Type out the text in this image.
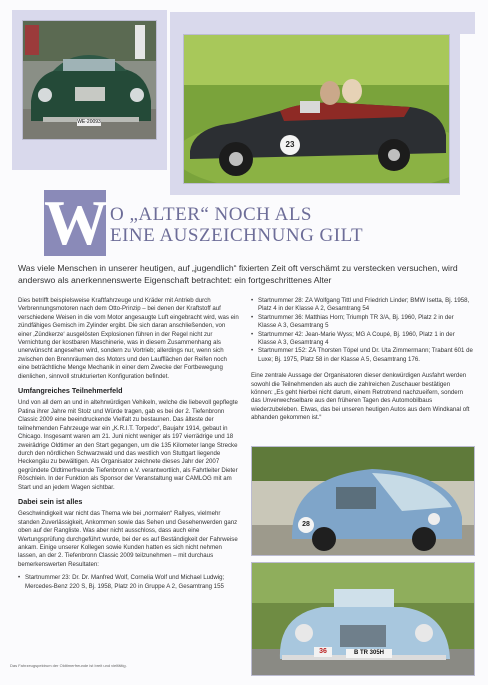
WE·20093
23
W O „ALTER“ NOCH ALS
EINE AUSZEICHNUNG GILT
Was viele Menschen in unserer heutigen, auf „jugendlich“ fixierten Zeit oft verschämt zu verstecken versuchen, wird anderswo als anerkennenswerte Eigenschaft betrachtet: ein fortgeschrittenes Alter

Dies betrifft beispielsweise Kraftfahrzeuge und Kräder mit Antrieb durch Verbrennungsmotoren nach dem Otto-Prinzip – bei denen der Kraftstoff auf verschiedene Weisen in die vom Motor angesaugte Luft eingebracht wird, was ein zündfähiges Gemisch im Zylinder ergibt. Die sich daran anschließenden, von einer ‚Zündkerze‘ ausgelösten Explosionen führen in der Regel nicht zur Vernichtung der kostbaren Maschinerie, was in diesem Zusammenhang als unerwünscht angesehen wird, sondern zu Vortrieb; allerdings nur, wenn sich zwischen den Brennräumen des Motors und den Laufflächen der Reifen noch eine beträchtliche Menge Mechanik in einer dem Zwecke der Fortbewegung dienlichen, sinnvoll strukturierten Konfiguration befindet.

Umfangreiches Teilnehmerfeld

Und von all dem an und in altehrwürdigen Vehikeln, welche die liebevoll gepflegte Patina ihrer Jahre mit Stolz und Würde tragen, gab es bei der 2. Tiefenbronn Classic 2009 eine beeindruckende Vielfalt zu bestaunen. Das älteste der teilnehmenden Fahrzeuge war ein „K.R.I.T. Torpedo“, Baujahr 1914, gebaut in Chicago. Insgesamt waren am 21. Juni nicht weniger als 197 vierrädrige und 18 zweirädrige Oldtimer an den Start gegangen, um die 135 Kilometer lange Strecke durch den nördlichen Schwarzwald und das westlich von Stuttgart liegende Heckengäu zu bewältigen. Als Organisator zeichnete dieses Jahr der 2007 gegründete Oldtimerfreunde Tiefenbronn e.V. verantwortlich, als Fahrtleiter Dieter Röschlein. In der Funktion als Sponsor der Veranstaltung war CAMLOG mit am Start und an jedem Wagen sichtbar.

Dabei sein ist alles

Geschwindigkeit war nicht das Thema wie bei „normalen“ Rallyes, vielmehr standen Zuverlässigkeit, Ankommen sowie das Sehen und Gesehenwerden ganz oben auf der Rangliste. Was aber nicht ausschloss, dass auch eine Wertungsprüfung durchgeführt wurde, bei der es auf Beständigkeit der Fahrweise ankam. Einige unserer Kollegen sowie Kunden hatten es sich nicht nehmen lassen, an der 2. Tiefenbronn Classic 2009 teilzunehmen – mit durchaus bemerkenswerten Resultaten:

• Startnummer 23: Dr. Dr. Manfred Wolf, Cornelia Wolf und Michael Ludwig; Mercedes-Benz 220 S, Bj. 1958, Platz 20 in Gruppe A 2, Gesamtrang 155
• Startnummer 28: ZA Wolfgang Tittl und Friedrich Linder; BMW Isetta, Bj. 1958, Platz 4 in der Klasse A 2, Gesamtrang 54
• Startnummer 36: Matthias Horn; Triumph TR 3/A, Bj. 1960, Platz 2 in der Klasse A 3, Gesamtrang 5
• Startnummer 42: Jean-Marie Wyss; MG A Coupé, Bj. 1960, Platz 1 in der Klasse A 3, Gesamtrang 4
• Startnummer 152: ZA Thorsten Töpel und Dr. Uta Zimmermann; Trabant 601 de Luxe; Bj. 1975, Platz 58 in der Klasse A 5, Gesamtrang 176.

Eine zentrale Aussage der Organisatoren dieser denkwürdigen Ausfahrt werden sowohl die Teilnehmenden als auch die zahlreichen Zuschauer bestätigen können: „Es geht hierbei nicht darum, einem Retrotrend nachzueifern, sondern das Unverwechselbare aus den früheren Tagen des Automobilbaus wiederzubeleben. Etwas, das bei unseren heutigen Autos aus dem Windkanal oft abhanden gekommen ist.“

28
36	B TR 305H
Das Fahrzeugspektrum der Oldtimerfreunde ist breit und vielfältig.
